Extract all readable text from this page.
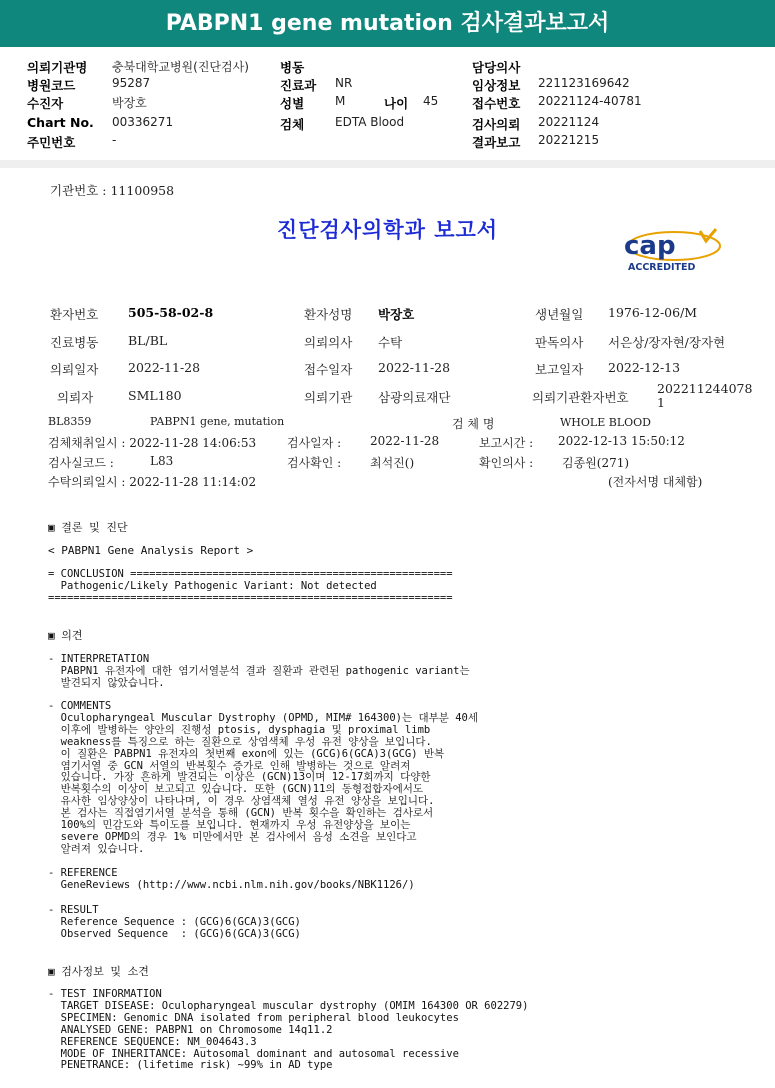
PABPN1 gene mutation 검사결과보고서
의뢰기관명 충북대학교병원(진단검사)
병원코드	95287
수진자	박장호
Chart No. 00336271
주민번호	-
병동
진료과 NR
성별	M	나이 45
검체	EDTA Blood
담당의사
임상정보 221123169642
접수번호 20221124-40781
검사의뢰 20221124
결과보고 20221215
기관번호 : 11100958
진단검사의학과 보고서
cap
ACCREDITED
환자번호 505-58-02-8	환자성명 박장호	생년월일 1976-12-06/M
진료병동 BL/BL	의뢰의사 수탁	판독의사 서은상/장자현/장자현
의뢰일자 2022-11-28	접수일자 2022-11-28	보고일자 2022-12-13
의뢰자	SML180	의뢰기관 삼광의료재단	의뢰기관환자번호
202211244078
1
BL8359	PABPN1 gene, mutation	검 체 명	WHOLE BLOOD
검체채취일시 : 2022-11-28 14:06:53	검사일자 : 2022-11-28	보고시간 : 2022-12-13 15:50:12
검사실코드 :	L83	검사확인 : 최석진()	확인의사 : 김종원(271)
수탁의뢰일시 : 2022-11-28 11:14:02	(전자서명 대체함)
▣ 결론 및 진단
< PABPN1 Gene Analysis Report >
= CONCLUSION ===================================================
Pathogenic/Likely Pathogenic Variant: Not detected
================================================================
▣ 의견
- INTERPRETATION
PABPN1 유전자에 대한 염기서열분석 결과 질환과 관련된 pathogenic variant는
발견되지 않았습니다.
- COMMENTS
Oculopharyngeal Muscular Dystrophy (OPMD, MIM# 164300)는 대부분 40세
이후에 발병하는 양안의 진행성 ptosis, dysphagia 및 proximal limb
weakness를 특징으로 하는 질환으로 상염색체 우성 유전 양상을 보입니다.
이 질환은 PABPN1 유전자의 첫번째 exon에 있는 (GCG)6(GCA)3(GCG) 반복
염기서열 중 GCN 서열의 반복횟수 증가로 인해 발병하는 것으로 알려져
있습니다. 가장 흔하게 발견되는 이상은 (GCN)13이며 12-17회까지 다양한
반복횟수의 이상이 보고되고 있습니다. 또한 (GCN)11의 동형접합자에서도
유사한 임상양상이 나타나며, 이 경우 상염색체 열성 유전 양상을 보입니다.
본 검사는 직접염기서열 분석을 통해 (GCN) 반복 횟수을 확인하는 검사로서
100%의 민감도와 특이도를 보입니다. 현재까지 우성 유전양상을 보이는
severe OPMD의 경우 1% 미만에서만 본 검사에서 음성 소견을 보인다고
알려져 있습니다.
- REFERENCE
GeneReviews (http://www.ncbi.nlm.nih.gov/books/NBK1126/)
- RESULT
Reference Sequence : (GCG)6(GCA)3(GCG)
Observed Sequence  : (GCG)6(GCA)3(GCG)
▣ 검사정보 및 소견
- TEST INFORMATION
TARGET DISEASE: Oculopharyngeal muscular dystrophy (OMIM 164300 OR 602279)
SPECIMEN: Genomic DNA isolated from peripheral blood leukocytes
ANALYSED GENE: PABPN1 on Chromosome 14q11.2
REFERENCE SEQUENCE: NM_004643.3
MODE OF INHERITANCE: Autosomal dominant and autosomal recessive
PENETRANCE: (lifetime risk) ~99% in AD type
